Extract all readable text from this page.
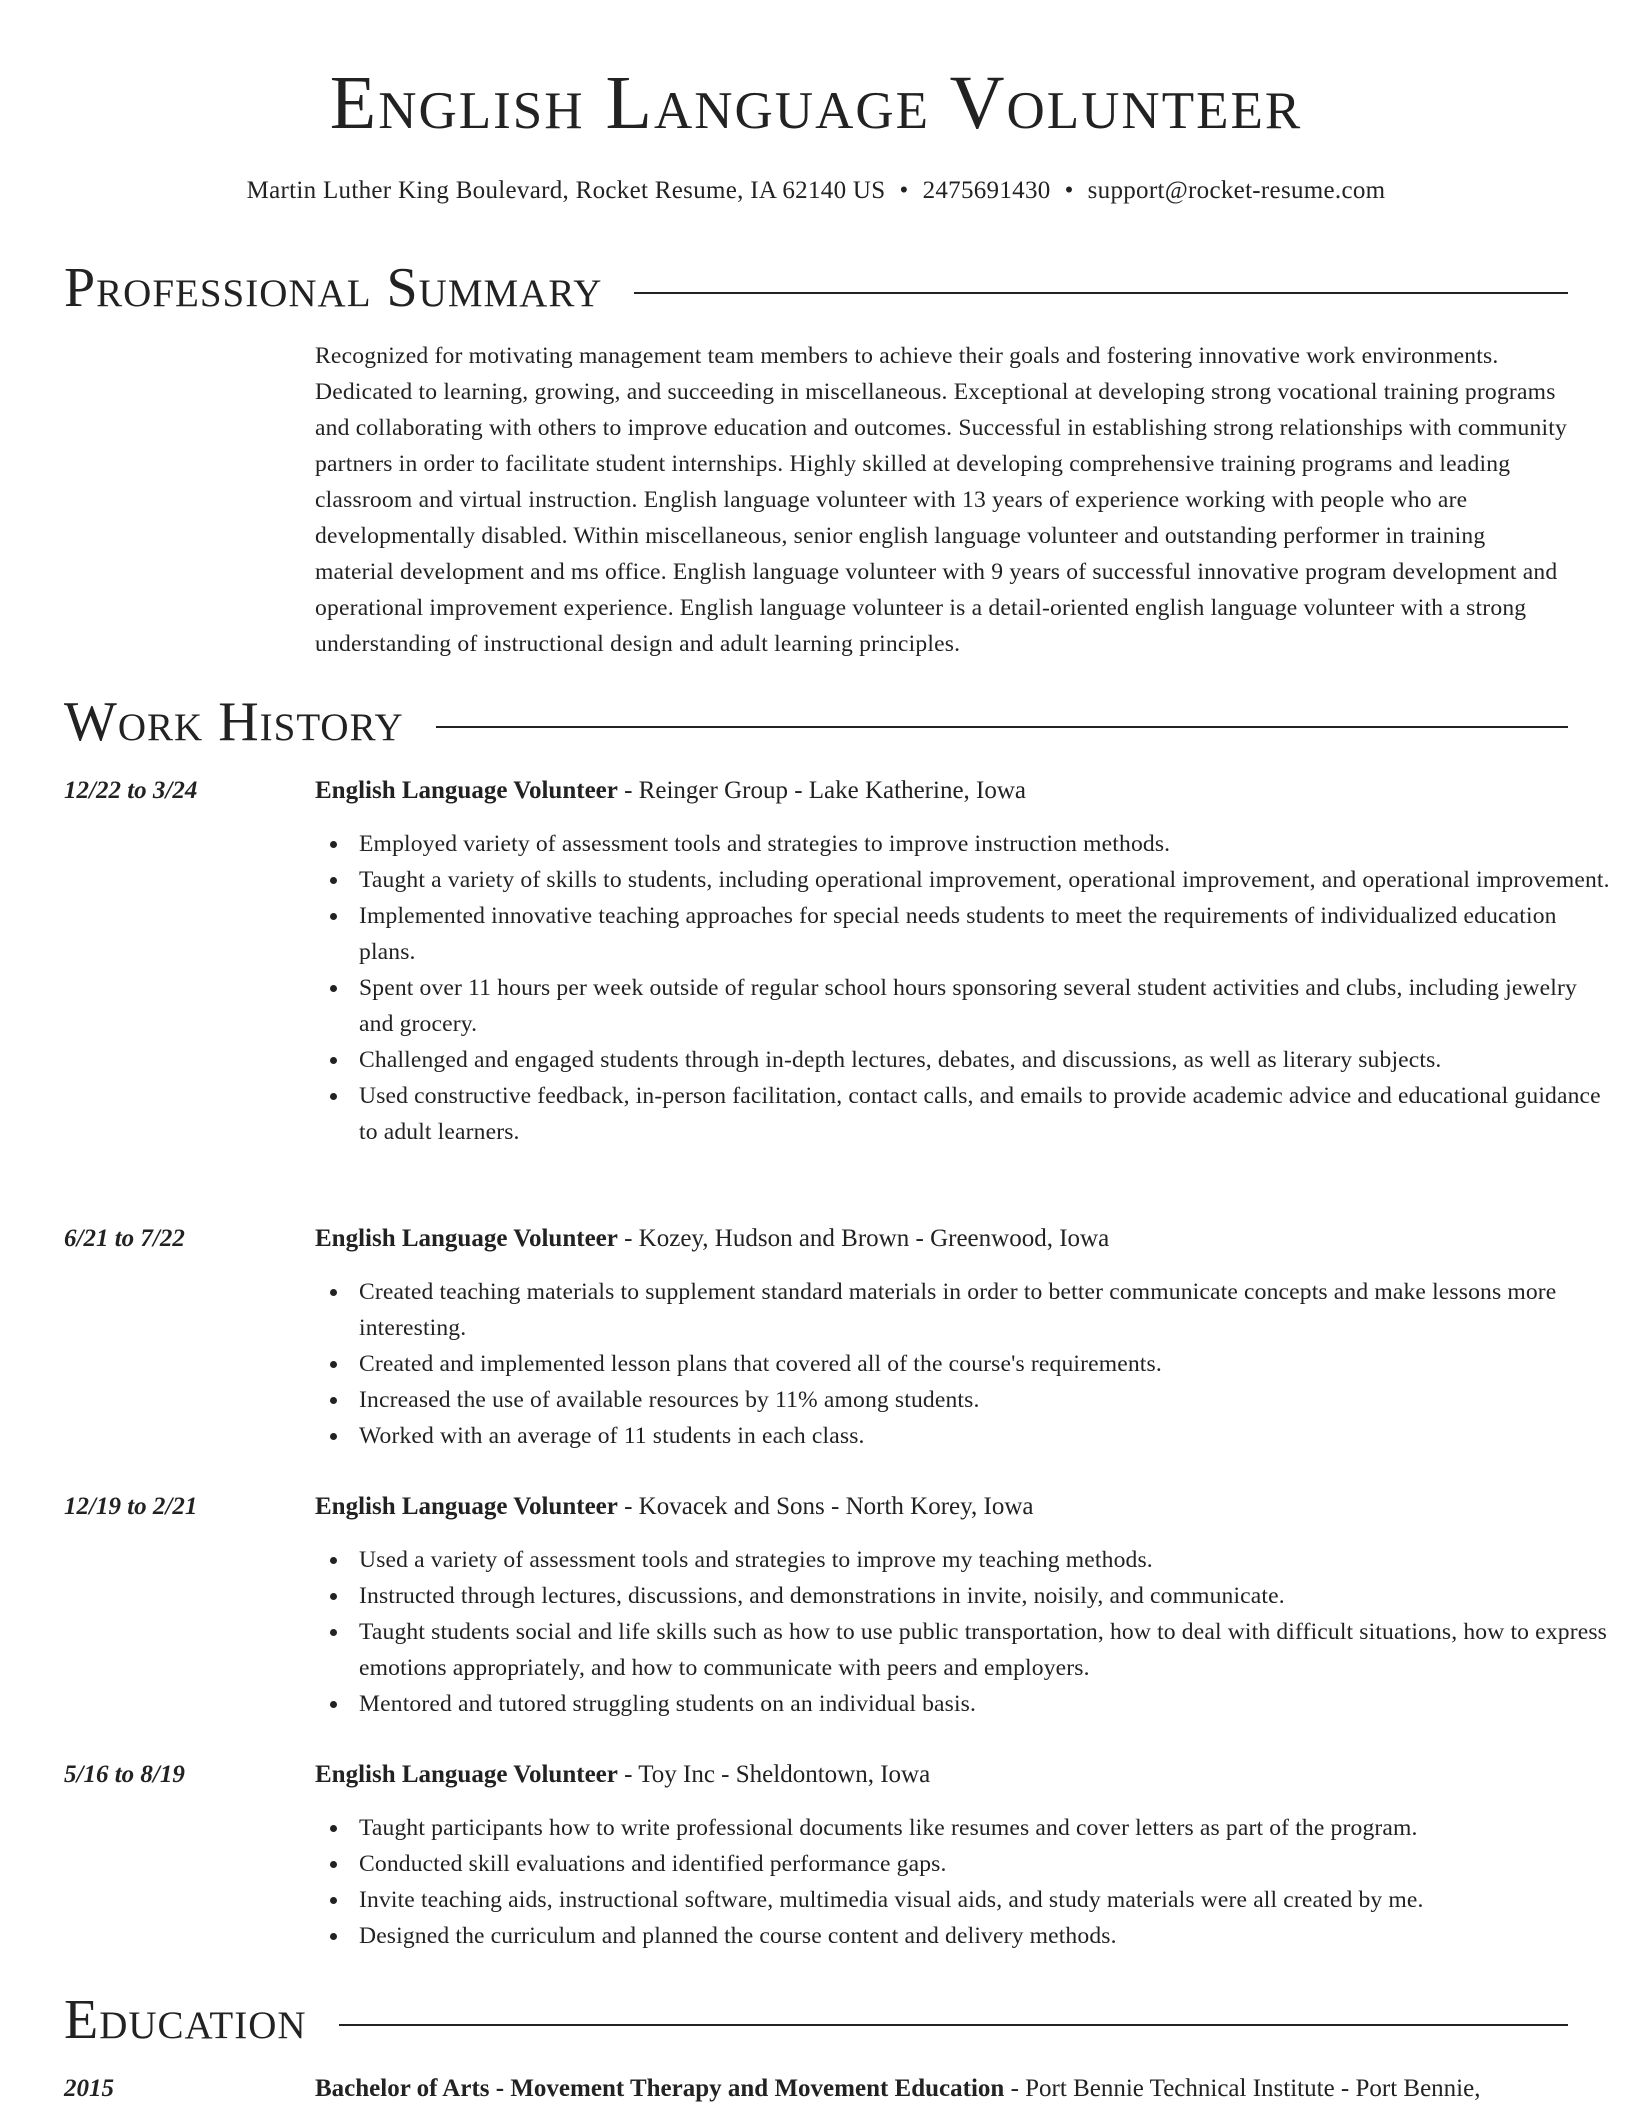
English Language Volunteer
Martin Luther King Boulevard, Rocket Resume, IA 62140 US • 2475691430 • support@rocket-resume.com
Professional Summary
Recognized for motivating management team members to achieve their goals and fostering innovative work environments. Dedicated to learning, growing, and succeeding in miscellaneous. Exceptional at developing strong vocational training programs and collaborating with others to improve education and outcomes. Successful in establishing strong relationships with community partners in order to facilitate student internships. Highly skilled at developing comprehensive training programs and leading classroom and virtual instruction. English language volunteer with 13 years of experience working with people who are developmentally disabled. Within miscellaneous, senior english language volunteer and outstanding performer in training material development and ms office. English language volunteer with 9 years of successful innovative program development and operational improvement experience. English language volunteer is a detail-oriented english language volunteer with a strong understanding of instructional design and adult learning principles.
Work History
12/22 to 3/24	English Language Volunteer - Reinger Group - Lake Katherine, Iowa
Employed variety of assessment tools and strategies to improve instruction methods.
Taught a variety of skills to students, including operational improvement, operational improvement, and operational improvement.
Implemented innovative teaching approaches for special needs students to meet the requirements of individualized education plans.
Spent over 11 hours per week outside of regular school hours sponsoring several student activities and clubs, including jewelry and grocery.
Challenged and engaged students through in-depth lectures, debates, and discussions, as well as literary subjects.
Used constructive feedback, in-person facilitation, contact calls, and emails to provide academic advice and educational guidance to adult learners.
6/21 to 7/22	English Language Volunteer - Kozey, Hudson and Brown - Greenwood, Iowa
Created teaching materials to supplement standard materials in order to better communicate concepts and make lessons more interesting.
Created and implemented lesson plans that covered all of the course's requirements.
Increased the use of available resources by 11% among students.
Worked with an average of 11 students in each class.
12/19 to 2/21	English Language Volunteer - Kovacek and Sons - North Korey, Iowa
Used a variety of assessment tools and strategies to improve my teaching methods.
Instructed through lectures, discussions, and demonstrations in invite, noisily, and communicate.
Taught students social and life skills such as how to use public transportation, how to deal with difficult situations, how to express emotions appropriately, and how to communicate with peers and employers.
Mentored and tutored struggling students on an individual basis.
5/16 to 8/19	English Language Volunteer - Toy Inc - Sheldontown, Iowa
Taught participants how to write professional documents like resumes and cover letters as part of the program.
Conducted skill evaluations and identified performance gaps.
Invite teaching aids, instructional software, multimedia visual aids, and study materials were all created by me.
Designed the curriculum and planned the course content and delivery methods.
Education
2015	Bachelor of Arts - Movement Therapy and Movement Education - Port Bennie Technical Institute - Port Bennie,
